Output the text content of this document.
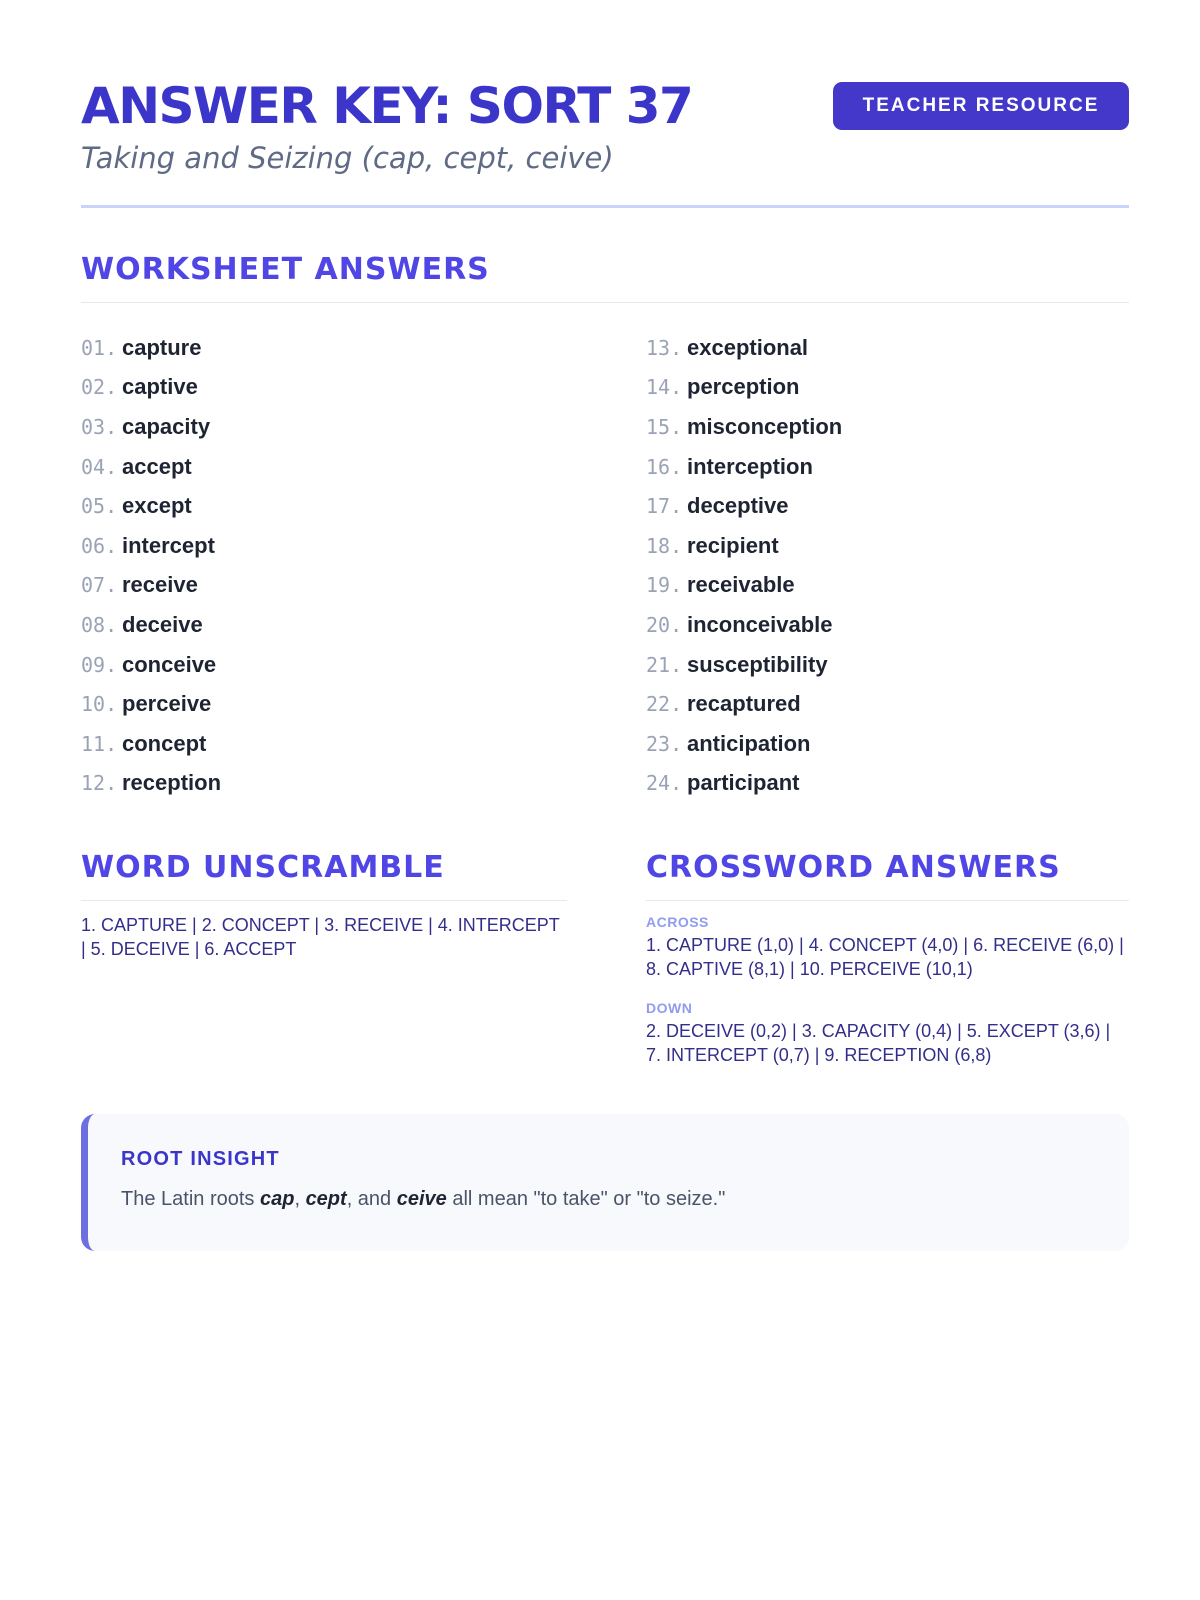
ANSWER KEY: SORT 37
Taking and Seizing (cap, cept, ceive)
TEACHER RESOURCE
WORKSHEET ANSWERS
01. capture
02. captive
03. capacity
04. accept
05. except
06. intercept
07. receive
08. deceive
09. conceive
10. perceive
11. concept
12. reception
13. exceptional
14. perception
15. misconception
16. interception
17. deceptive
18. recipient
19. receivable
20. inconceivable
21. susceptibility
22. recaptured
23. anticipation
24. participant
WORD UNSCRAMBLE
1. CAPTURE | 2. CONCEPT | 3. RECEIVE | 4. INTERCEPT | 5. DECEIVE | 6. ACCEPT
CROSSWORD ANSWERS
ACROSS
1. CAPTURE (1,0) | 4. CONCEPT (4,0) | 6. RECEIVE (6,0) | 8. CAPTIVE (8,1) | 10. PERCEIVE (10,1)
DOWN
2. DECEIVE (0,2) | 3. CAPACITY (0,4) | 5. EXCEPT (3,6) | 7. INTERCEPT (0,7) | 9. RECEPTION (6,8)
ROOT INSIGHT
The Latin roots cap, cept, and ceive all mean "to take" or "to seize."
